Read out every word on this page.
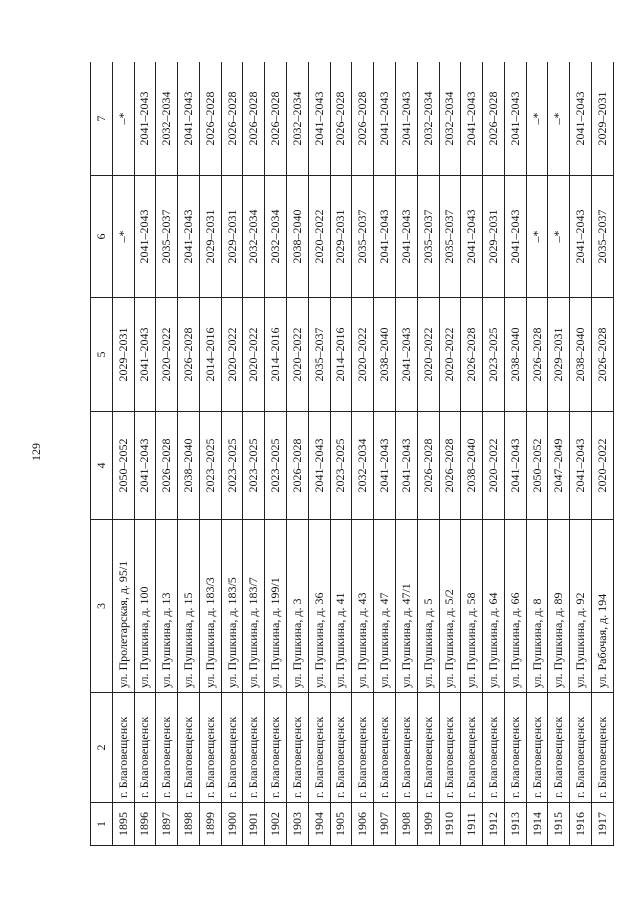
129
1	2	3	4	5	6	7
1895	г. Благовещенск	ул. Пролетарская, д. 95/1	2050–2052	2029–2031	–*	–*
1896	г. Благовещенск	ул. Пушкина, д. 100	2041–2043	2041–2043	2041–2043	2041–2043
1897	г. Благовещенск	ул. Пушкина, д. 13	2026–2028	2020–2022	2035–2037	2032–2034
1898	г. Благовещенск	ул. Пушкина, д. 15	2038–2040	2026–2028	2041–2043	2041–2043
1899	г. Благовещенск	ул. Пушкина, д. 183/3	2023–2025	2014–2016	2029–2031	2026–2028
1900	г. Благовещенск	ул. Пушкина, д. 183/5	2023–2025	2020–2022	2029–2031	2026–2028
1901	г. Благовещенск	ул. Пушкина, д. 183/7	2023–2025	2020–2022	2032–2034	2026–2028
1902	г. Благовещенск	ул. Пушкина, д. 199/1	2023–2025	2014–2016	2032–2034	2026–2028
1903	г. Благовещенск	ул. Пушкина, д. 3	2026–2028	2020–2022	2038–2040	2032–2034
1904	г. Благовещенск	ул. Пушкина, д. 36	2041–2043	2035–2037	2020–2022	2041–2043
1905	г. Благовещенск	ул. Пушкина, д. 41	2023–2025	2014–2016	2029–2031	2026–2028
1906	г. Благовещенск	ул. Пушкина, д. 43	2032–2034	2020–2022	2035–2037	2026–2028
1907	г. Благовещенск	ул. Пушкина, д. 47	2041–2043	2038–2040	2041–2043	2041–2043
1908	г. Благовещенск	ул. Пушкина, д. 47/1	2041–2043	2041–2043	2041–2043	2041–2043
1909	г. Благовещенск	ул. Пушкина, д. 5	2026–2028	2020–2022	2035–2037	2032–2034
1910	г. Благовещенск	ул. Пушкина, д. 5/2	2026–2028	2020–2022	2035–2037	2032–2034
1911	г. Благовещенск	ул. Пушкина, д. 58	2038–2040	2026–2028	2041–2043	2041–2043
1912	г. Благовещенск	ул. Пушкина, д. 64	2020–2022	2023–2025	2029–2031	2026–2028
1913	г. Благовещенск	ул. Пушкина, д. 66	2041–2043	2038–2040	2041–2043	2041–2043
1914	г. Благовещенск	ул. Пушкина, д. 8	2050–2052	2026–2028	–*	–*
1915	г. Благовещенск	ул. Пушкина, д. 89	2047–2049	2029–2031	–*	–*
1916	г. Благовещенск	ул. Пушкина, д. 92	2041–2043	2038–2040	2041–2043	2041–2043
1917	г. Благовещенск	ул. Рабочая, д. 194	2020–2022	2026–2028	2035–2037	2029–2031
